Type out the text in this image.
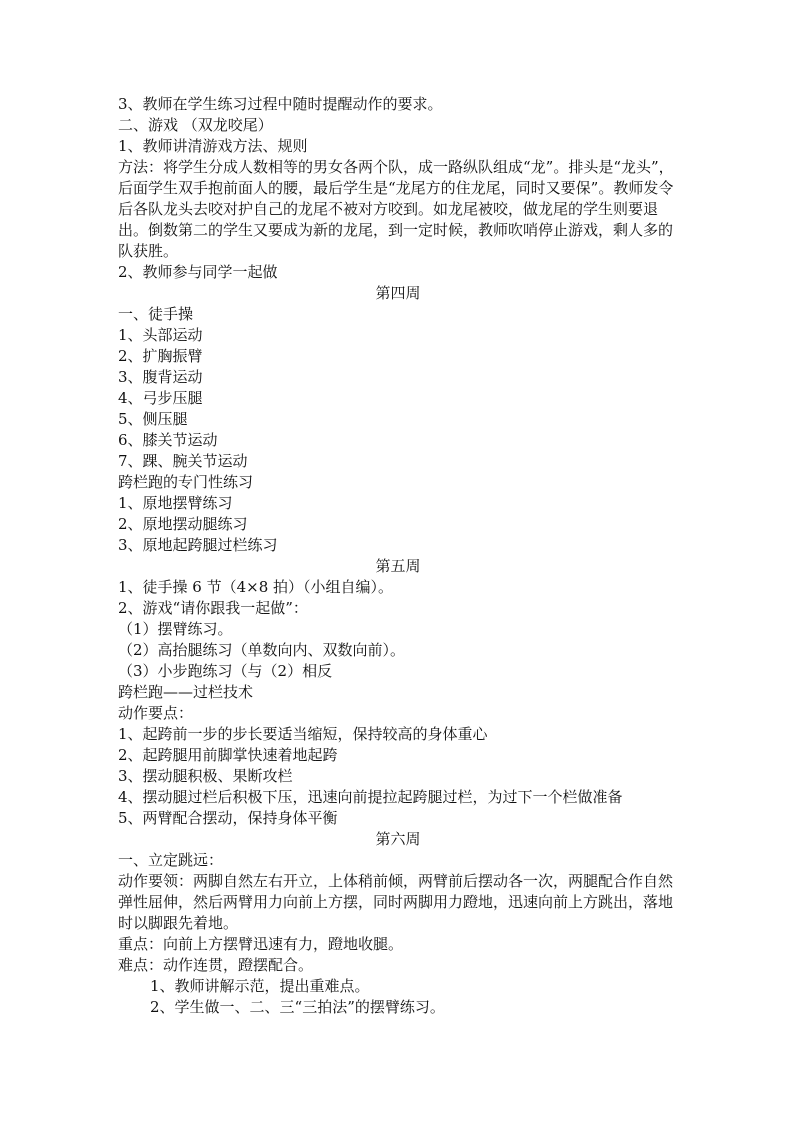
3、教师在学生练习过程中随时提醒动作的要求。
二、游戏 （双龙咬尾）
1、教师讲清游戏方法、规则
方法：将学生分成人数相等的男女各两个队，成一路纵队组成“龙”。排头是“龙头”，后面学生双手抱前面人的腰，最后学生是“龙尾方的住龙尾，同时又要保”。教师发令后各队龙头去咬对护自己的龙尾不被对方咬到。如龙尾被咬，做龙尾的学生则要退出。倒数第二的学生又要成为新的龙尾，到一定时候，教师吹哨停止游戏，剩人多的队获胜。
2、教师参与同学一起做
第四周
一、徒手操
1、头部运动
2、扩胸振臂
3、腹背运动
4、弓步压腿
5、侧压腿
6、膝关节运动
7、踝、腕关节运动
跨栏跑的专门性练习
1、原地摆臂练习
2、原地摆动腿练习
3、原地起跨腿过栏练习
第五周
1、徒手操 6 节（4×8 拍）（小组自编）。
2、游戏“请你跟我一起做”：
（1）摆臂练习。
（2）高抬腿练习（单数向内、双数向前）。
（3）小步跑练习（与（2）相反
跨栏跑——过栏技术
动作要点：
1、起跨前一步的步长要适当缩短，保持较高的身体重心
2、起跨腿用前脚掌快速着地起跨
3、摆动腿积极、果断攻栏
4、摆动腿过栏后积极下压，迅速向前提拉起跨腿过栏，为过下一个栏做准备
5、两臂配合摆动，保持身体平衡
第六周
一、立定跳远：
动作要领：两脚自然左右开立，上体稍前倾，两臂前后摆动各一次，两腿配合作自然弹性屈伸，然后两臂用力向前上方摆，同时两脚用力蹬地，迅速向前上方跳出，落地时以脚跟先着地。
重点：向前上方摆臂迅速有力，蹬地收腿。
难点：动作连贯，蹬摆配合。
1、教师讲解示范，提出重难点。
2、学生做一、二、三“三拍法”的摆臂练习。
